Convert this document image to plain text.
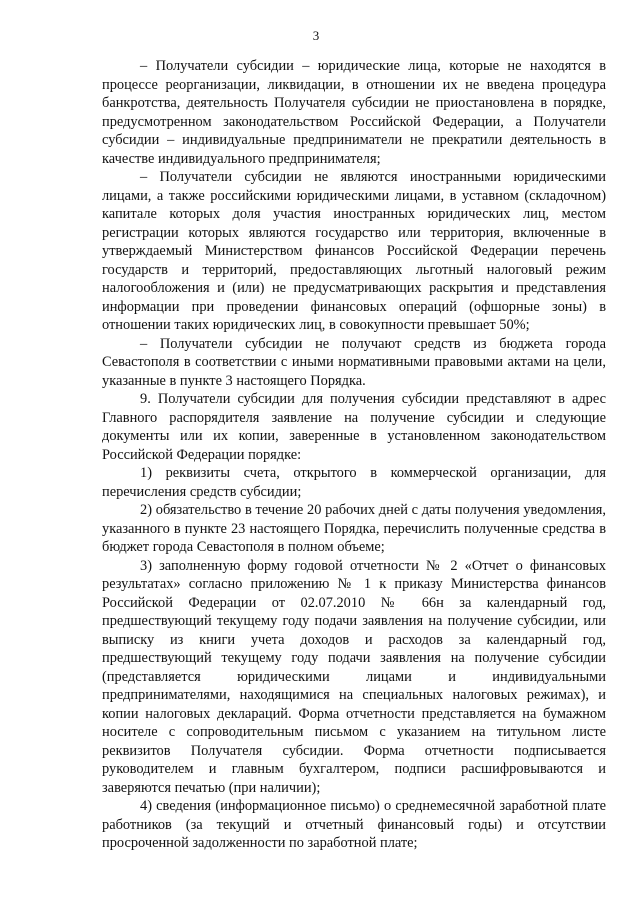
3

– Получатели субсидии – юридические лица, которые не находятся в процессе реорганизации, ликвидации, в отношении их не введена процедура банкротства, деятельность Получателя субсидии не приостановлена в порядке, предусмотренном законодательством Российской Федерации, а Получатели субсидии – индивидуальные предприниматели не прекратили деятельность в качестве индивидуального предпринимателя;

– Получатели субсидии не являются иностранными юридическими лицами, а также российскими юридическими лицами, в уставном (складочном) капитале которых доля участия иностранных юридических лиц, местом регистрации которых являются государство или территория, включенные в утверждаемый Министерством финансов Российской Федерации перечень государств и территорий, предоставляющих льготный налоговый режим налогообложения и (или) не предусматривающих раскрытия и представления информации при проведении финансовых операций (офшорные зоны) в отношении таких юридических лиц, в совокупности превышает 50%;

– Получатели субсидии не получают средств из бюджета города Севастополя в соответствии с иными нормативными правовыми актами на цели, указанные в пункте 3 настоящего Порядка.

9. Получатели субсидии для получения субсидии представляют в адрес Главного распорядителя заявление на получение субсидии и следующие документы или их копии, заверенные в установленном законодательством Российской Федерации порядке:

1) реквизиты счета, открытого в коммерческой организации, для перечисления средств субсидии;

2) обязательство в течение 20 рабочих дней с даты получения уведомления, указанного в пункте 23 настоящего Порядка, перечислить полученные средства в бюджет города Севастополя в полном объеме;

3) заполненную форму годовой отчетности № 2 «Отчет о финансовых результатах» согласно приложению № 1 к приказу Министерства финансов Российской Федерации от 02.07.2010 № 66н за календарный год, предшествующий текущему году подачи заявления на получение субсидии, или выписку из книги учета доходов и расходов за календарный год, предшествующий текущему году подачи заявления на получение субсидии (представляется юридическими лицами и индивидуальными предпринимателями, находящимися на специальных налоговых режимах), и копии налоговых деклараций. Форма отчетности представляется на бумажном носителе с сопроводительным письмом с указанием на титульном листе реквизитов Получателя субсидии. Форма отчетности подписывается руководителем и главным бухгалтером, подписи расшифровываются и заверяются печатью (при наличии);

4) сведения (информационное письмо) о среднемесячной заработной плате работников (за текущий и отчетный финансовый годы) и отсутствии просроченной задолженности по заработной плате;
